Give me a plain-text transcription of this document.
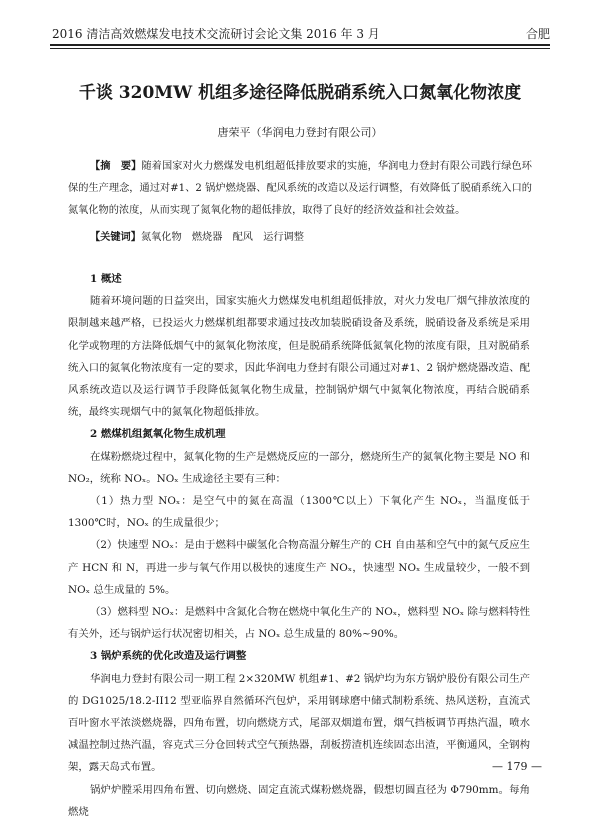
2016 清洁高效燃煤发电技术交流研讨会论文集 2016 年 3 月	合肥
千谈 320MW 机组多途径降低脱硝系统入口氮氧化物浓度
唐荣平（华润电力登封有限公司）
【摘　要】随着国家对火力燃煤发电机组超低排放要求的实施，华润电力登封有限公司践行绿色环保的生产理念，通过对#1、2 锅炉燃烧器、配风系统的改造以及运行调整，有效降低了脱硝系统入口的氮氧化物的浓度，从而实现了氮氧化物的超低排放，取得了良好的经济效益和社会效益。
【关键词】氮氧化物　燃烧器　配风　运行调整
1 概述

随着环境问题的日益突出，国家实施火力燃煤发电机组超低排放，对火力发电厂烟气排放浓度的限制越来越严格，已投运火力燃煤机组都要求通过技改加装脱硝设备及系统，脱硝设备及系统是采用化学或物理的方法降低烟气中的氮氧化物浓度，但是脱硝系统降低氮氧化物的浓度有限，且对脱硝系统入口的氮氧化物浓度有一定的要求，因此华润电力登封有限公司通过对#1、2 锅炉燃烧器改造、配风系统改造以及运行调节手段降低氮氧化物生成量，控制锅炉烟气中氮氧化物浓度，再结合脱硝系统，最终实现烟气中的氮氧化物超低排放。

2 燃煤机组氮氧化物生成机理

在煤粉燃烧过程中，氮氧化物的生产是燃烧反应的一部分，燃烧所生产的氮氧化物主要是 NO 和 NO₂，统称 NOₓ。NOₓ 生成途径主要有三种：

（1）热力型 NOₓ：是空气中的氮在高温（1300℃以上）下氧化产生 NOₓ，当温度低于 1300℃时，NOₓ 的生成量很少；

（2）快速型 NOₓ：是由于燃料中碳氢化合物高温分解生产的 CH 自由基和空气中的氮气反应生产 HCN 和 N，再进一步与氧气作用以极快的速度生产 NOₓ，快速型 NOₓ 生成量较少，一般不到 NOₓ 总生成量的 5%。

（3）燃料型 NOₓ：是燃料中含氮化合物在燃烧中氧化生产的 NOₓ，燃料型 NOₓ 除与燃料特性有关外，还与锅炉运行状况密切相关，占 NOₓ 总生成量的 80%~90%。

3 锅炉系统的优化改造及运行调整

华润电力登封有限公司一期工程 2×320MW 机组#1、#2 锅炉均为东方锅炉股份有限公司生产的 DG1025/18.2-II12 型亚临界自然循环汽包炉，采用钢球磨中储式制粉系统、热风送粉，直流式百叶窗水平浓淡燃烧器，四角布置，切向燃烧方式，尾部双烟道布置，烟气挡板调节再热汽温，喷水减温控制过热汽温，容克式三分仓回转式空气预热器，刮板捞渣机连续固态出渣，平衡通风，全钢构架，露天岛式布置。

锅炉炉膛采用四角布置、切向燃烧、固定直流式煤粉燃烧器，假想切圆直径为 Φ790mm。每角燃烧

— 179 —
